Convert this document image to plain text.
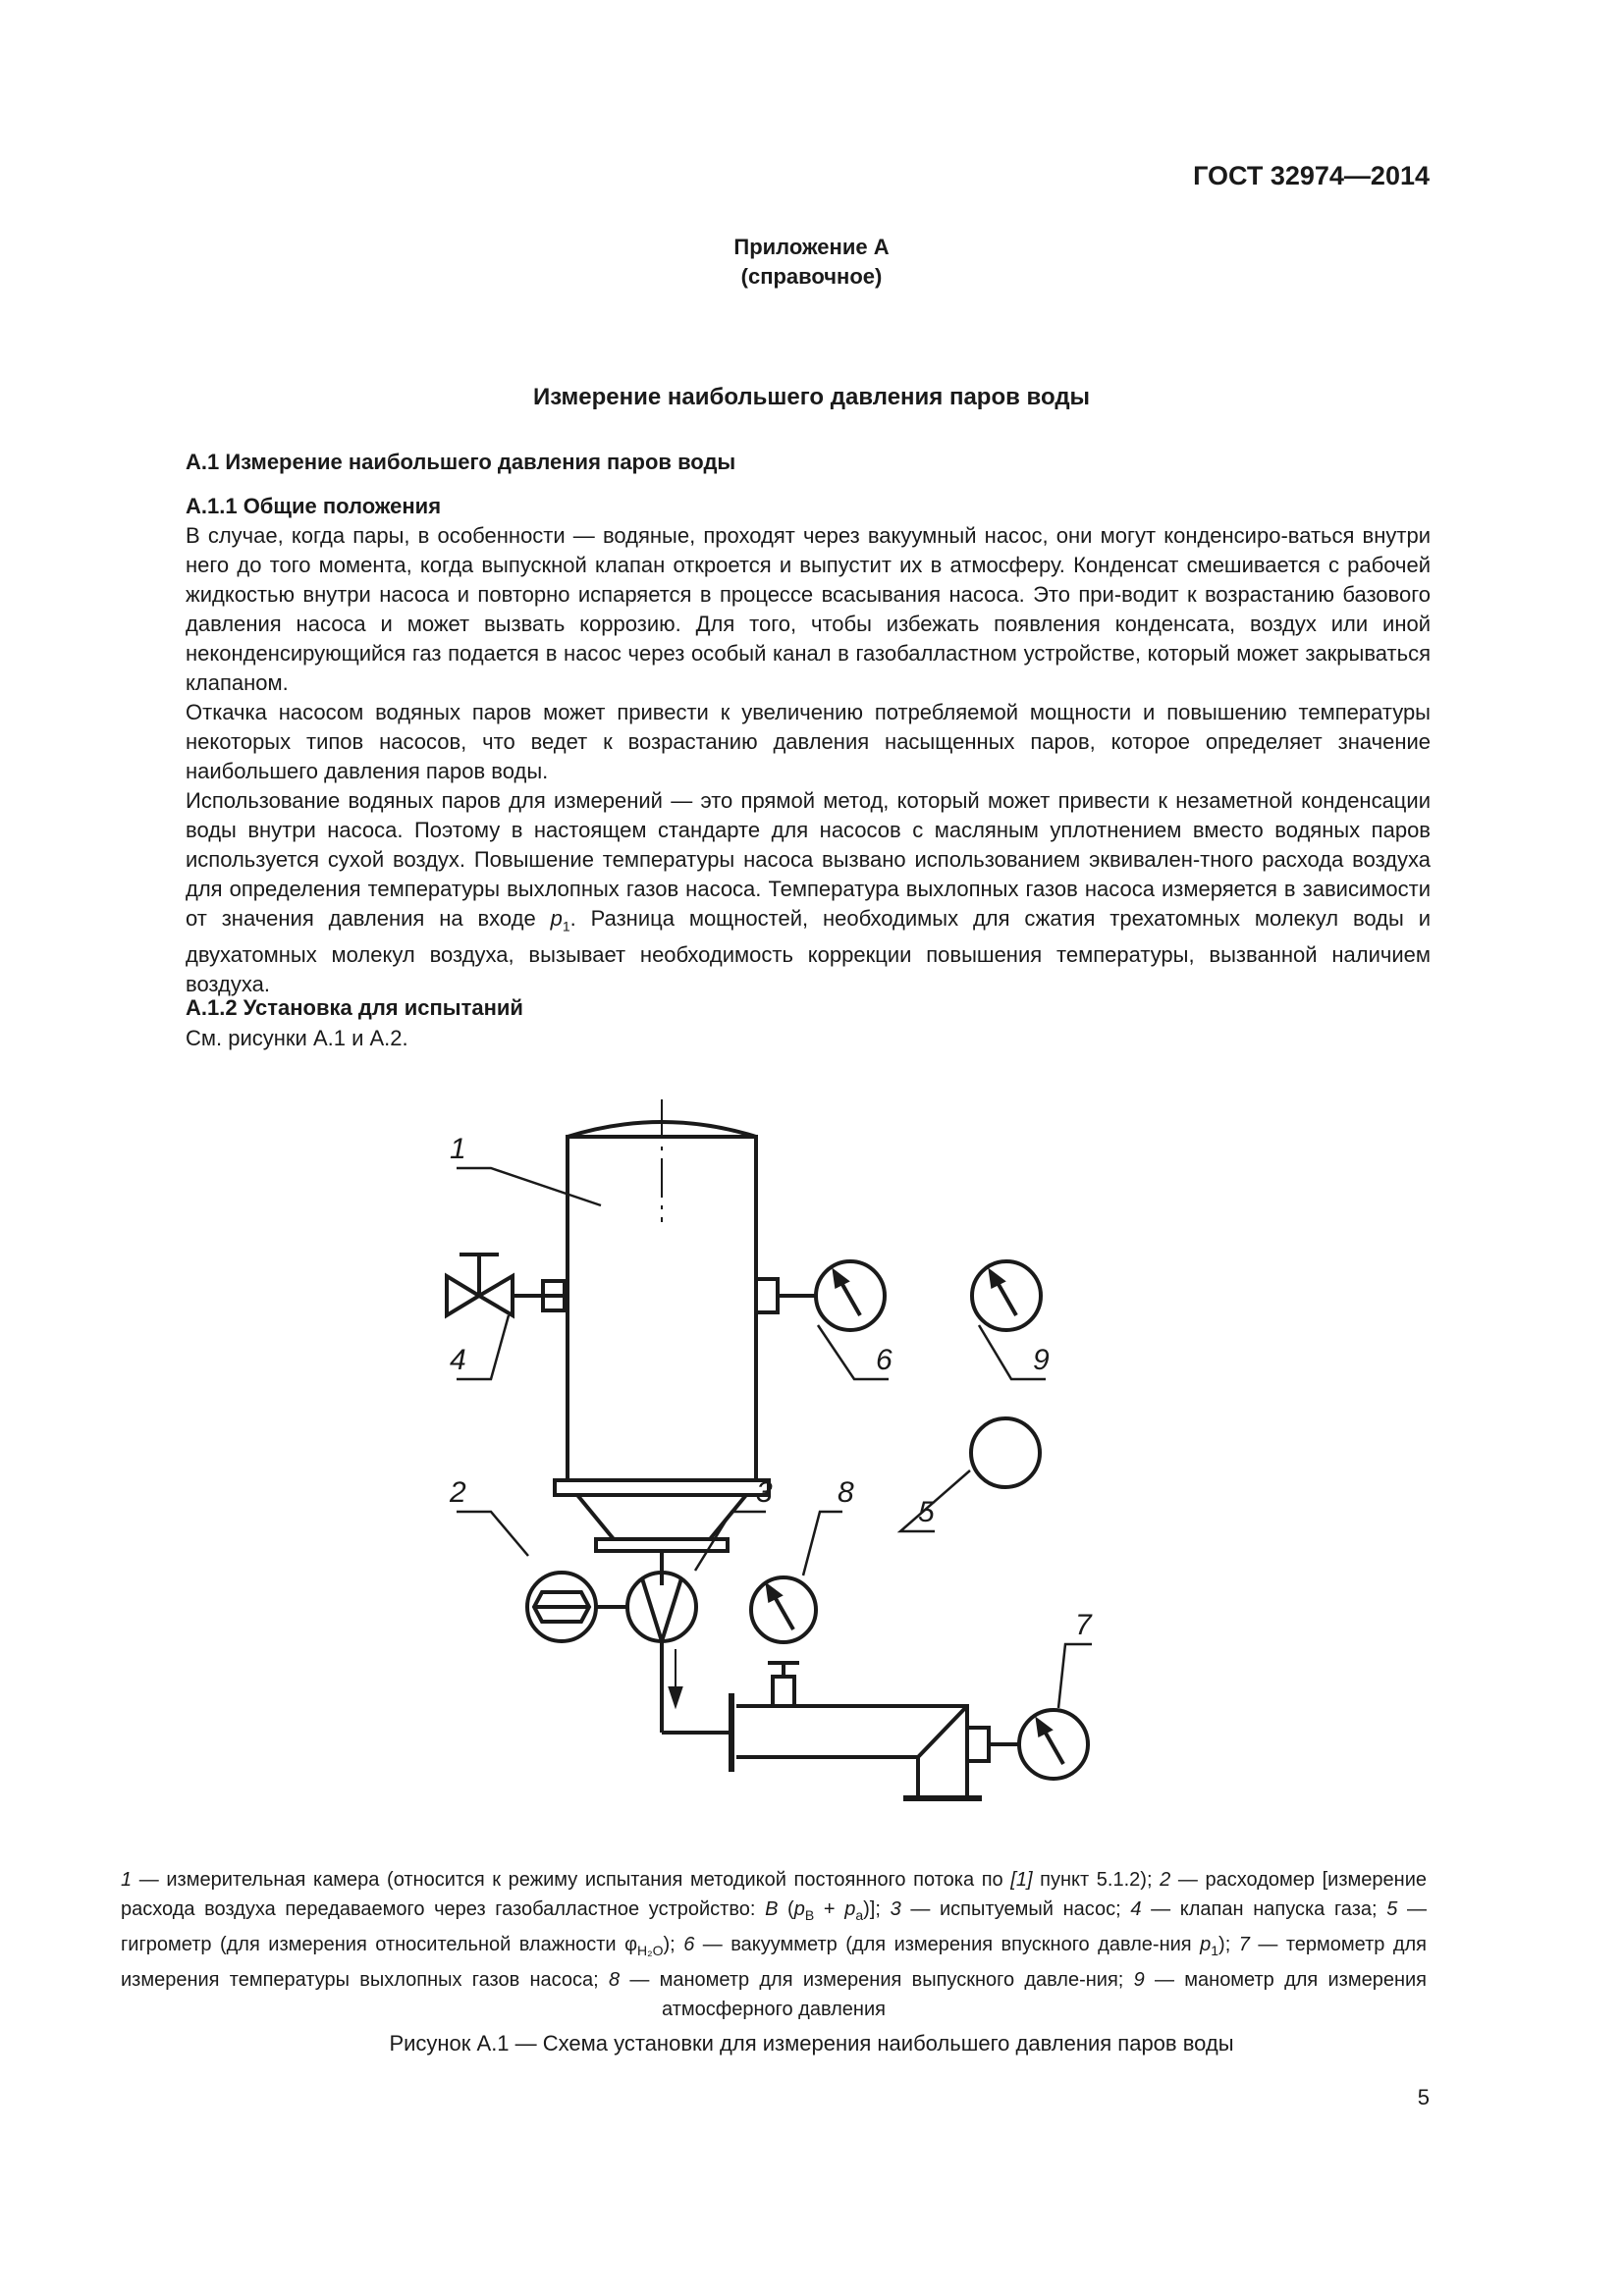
ГОСТ 32974—2014
Приложение А
(справочное)
Измерение наибольшего давления паров воды
А.1 Измерение наибольшего давления паров воды
А.1.1 Общие положения

В случае, когда пары, в особенности — водяные, проходят через вакуумный насос, они могут конденсиро-ваться внутри него до того момента, когда выпускной клапан откроется и выпустит их в атмосферу. Конденсат смешивается с рабочей жидкостью внутри насоса и повторно испаряется в процессе всасывания насоса. Это при-водит к возрастанию базового давления насоса и может вызвать коррозию. Для того, чтобы избежать появления конденсата, воздух или иной неконденсирующийся газ подается в насос через особый канал в газобалластном устройстве, который может закрываться клапаном.

Откачка насосом водяных паров может привести к увеличению потребляемой мощности и повышению температуры некоторых типов насосов, что ведет к возрастанию давления насыщенных паров, которое определяет значение наибольшего давления паров воды.

Использование водяных паров для измерений — это прямой метод, который может привести к незаметной конденсации воды внутри насоса. Поэтому в настоящем стандарте для насосов с масляным уплотнением вместо водяных паров используется сухой воздух. Повышение температуры насоса вызвано использованием эквивален-тного расхода воздуха для определения температуры выхлопных газов насоса. Температура выхлопных газов насоса измеряется в зависимости от значения давления на входе $p_1$. Разница мощностей, необходимых для сжатия трехатомных молекул воды и двухатомных молекул воздуха, вызывает необходимость коррекции повышения температуры, вызванной наличием воздуха.

А.1.2 Установка для испытаний
См. рисунки А.1 и А.2.
1
4
2	3
6	9
5
8
7
1 — измерительная камера (относится к режиму испытания методикой постоянного потока по [1] пункт 5.1.2); 2 — расходомер [измерение расхода воздуха передаваемого через газобалластное устройство: B $(p_B + p_a)$]; 3 — испытуемый насос; 4 — клапан напуска газа; 5 — гигрометр (для измерения относительной влажности $\varphi_{H_2O}$); 6 — вакуумметр (для измерения впускного давле-ния $p_1$); 7 — термометр для измерения температуры выхлопных газов насоса; 8 — манометр для измерения выпускного давле-ния; 9 — манометр для измерения атмосферного давления
Рисунок А.1 — Схема установки для измерения наибольшего давления паров воды
5
